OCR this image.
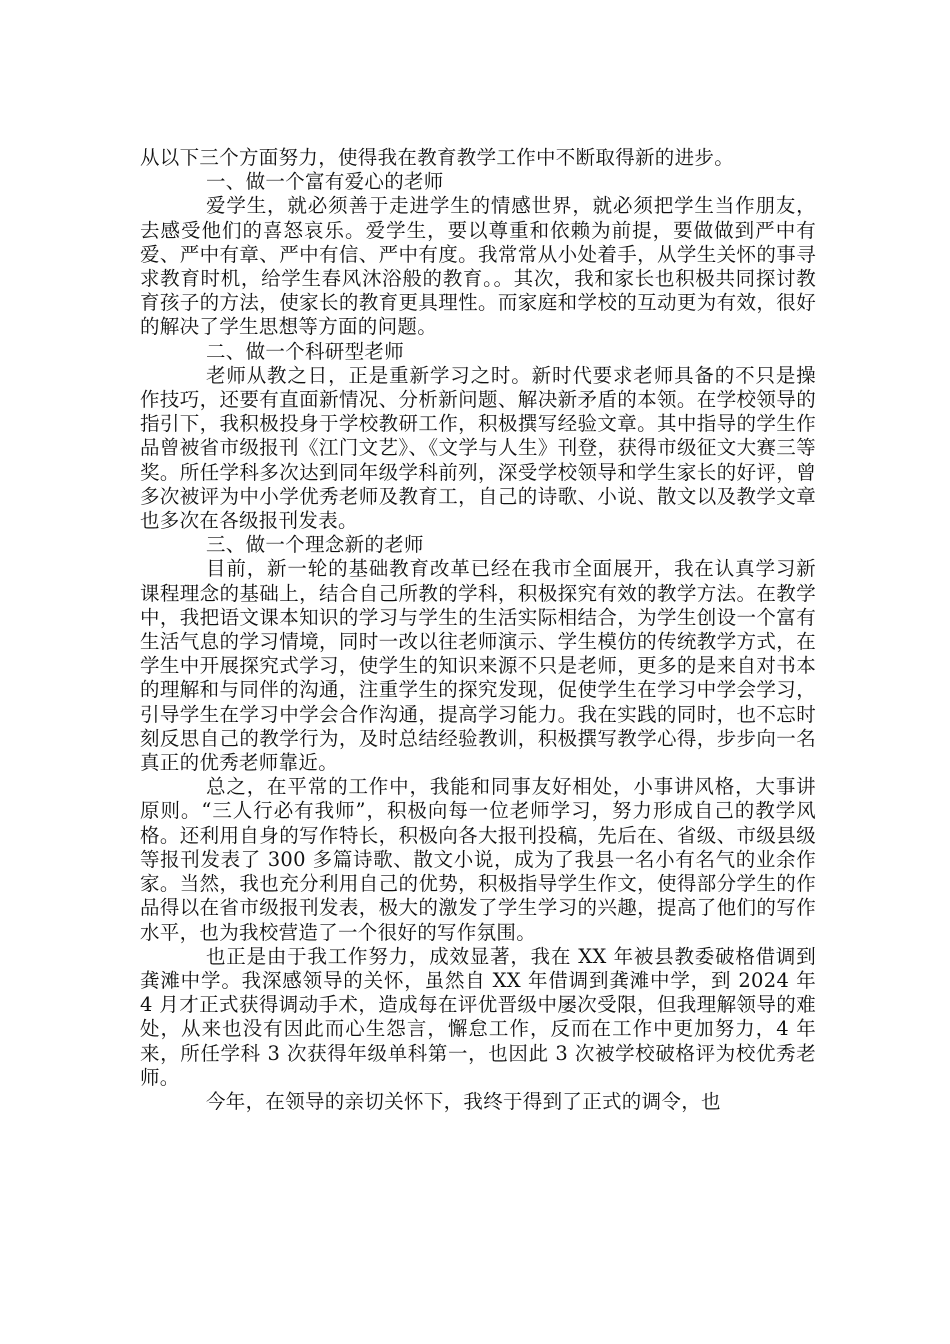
从以下三个方面努力，使得我在教育教学工作中不断取得新的进步。

一、做一个富有爱心的老师

爱学生，就必须善于走进学生的情感世界，就必须把学生当作朋友，去感受他们的喜怒哀乐。爱学生，要以尊重和依赖为前提，要做做到严中有爱、严中有章、严中有信、严中有度。我常常从小处着手，从学生关怀的事寻求教育时机，给学生春风沐浴般的教育。。其次，我和家长也积极共同探讨教育孩子的方法，使家长的教育更具理性。而家庭和学校的互动更为有效，很好的解决了学生思想等方面的问题。

二、做一个科研型老师

老师从教之日，正是重新学习之时。新时代要求老师具备的不只是操作技巧，还要有直面新情况、分析新问题、解决新矛盾的本领。在学校领导的指引下，我积极投身于学校教研工作，积极撰写经验文章。其中指导的学生作品曾被省市级报刊《江门文艺》、《文学与人生》刊登，获得市级征文大赛三等奖。所任学科多次达到同年级学科前列，深受学校领导和学生家长的好评，曾多次被评为中小学优秀老师及教育工，自己的诗歌、小说、散文以及教学文章也多次在各级报刊发表。

三、做一个理念新的老师

目前，新一轮的基础教育改革已经在我市全面展开，我在认真学习新课程理念的基础上，结合自己所教的学科，积极探究有效的教学方法。在教学中，我把语文课本知识的学习与学生的生活实际相结合，为学生创设一个富有生活气息的学习情境，同时一改以往老师演示、学生模仿的传统教学方式，在学生中开展探究式学习，使学生的知识来源不只是老师，更多的是来自对书本的理解和与同伴的沟通，注重学生的探究发现，促使学生在学习中学会学习，引导学生在学习中学会合作沟通，提高学习能力。我在实践的同时，也不忘时刻反思自己的教学行为，及时总结经验教训，积极撰写教学心得，步步向一名真正的优秀老师靠近。

总之，在平常的工作中，我能和同事友好相处，小事讲风格，大事讲原则。“三人行必有我师”，积极向每一位老师学习，努力形成自己的教学风格。还利用自身的写作特长，积极向各大报刊投稿，先后在、省级、市级县级等报刊发表了 300 多篇诗歌、散文小说，成为了我县一名小有名气的业余作家。当然，我也充分利用自己的优势，积极指导学生作文，使得部分学生的作品得以在省市级报刊发表，极大的激发了学生学习的兴趣，提高了他们的写作水平，也为我校营造了一个很好的写作氛围。

也正是由于我工作努力，成效显著，我在 XX 年被县教委破格借调到龚滩中学。我深感领导的关怀，虽然自 XX 年借调到龚滩中学，到 2024 年 4 月才正式获得调动手术，造成每在评优晋级中屡次受限，但我理解领导的难处，从来也没有因此而心生怨言，懈怠工作，反而在工作中更加努力，4 年来，所任学科 3 次获得年级单科第一，也因此 3 次被学校破格评为校优秀老师。

今年，在领导的亲切关怀下，我终于得到了正式的调令，也
